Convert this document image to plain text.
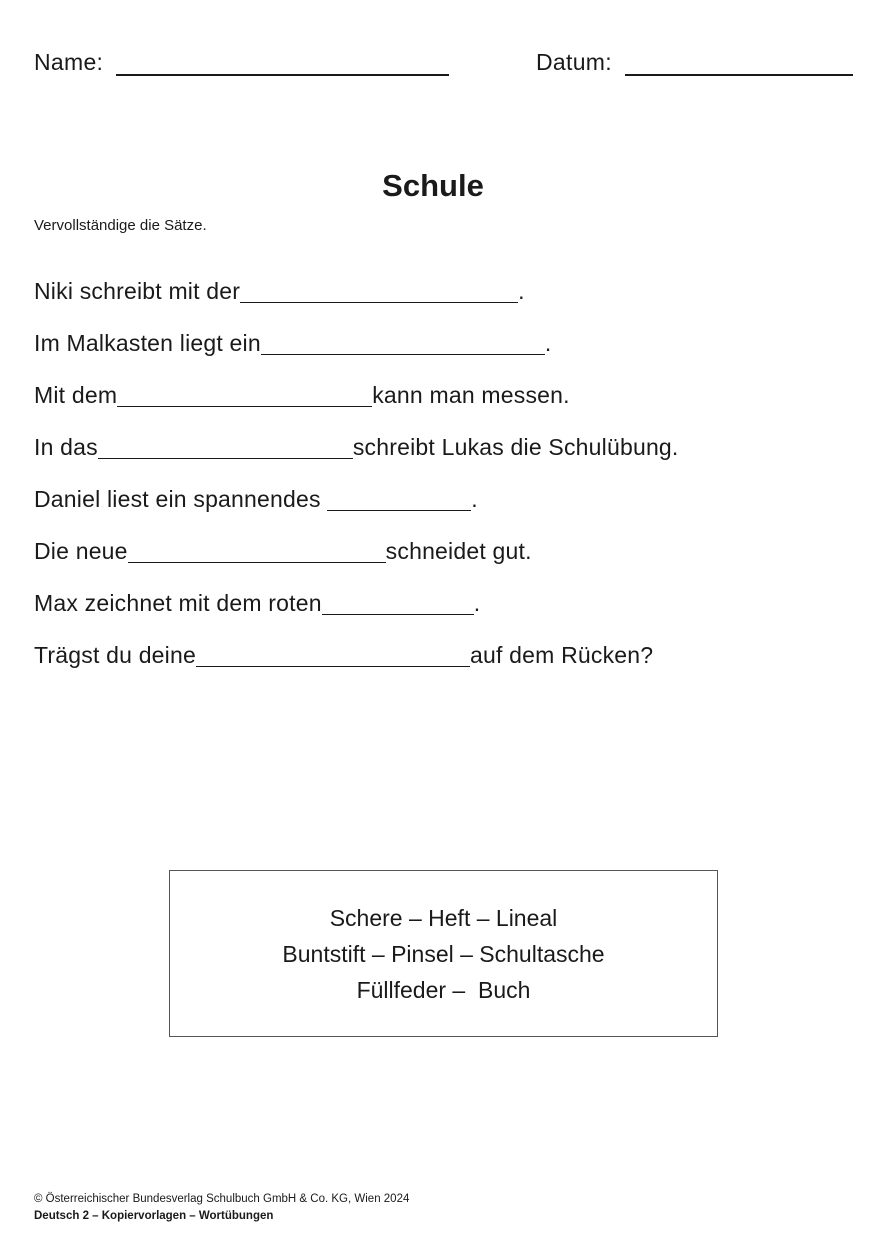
Name:	Datum:
Schule
Vervollständige die Sätze.
Niki schreibt mit der	.
Im Malkasten liegt ein	.
Mit dem	kann man messen.
In das	schreibt Lukas die Schulübung.
Daniel liest ein spannendes	.
Die neue	schneidet gut.
Max zeichnet mit dem roten	.
Trägst du deine	auf dem Rücken?
Schere – Heft – Lineal
Buntstift – Pinsel – Schultasche
Füllfeder –  Buch
© Österreichischer Bundesverlag Schulbuch GmbH & Co. KG, Wien 2024
Deutsch 2 – Kopiervorlagen – Wortübungen
